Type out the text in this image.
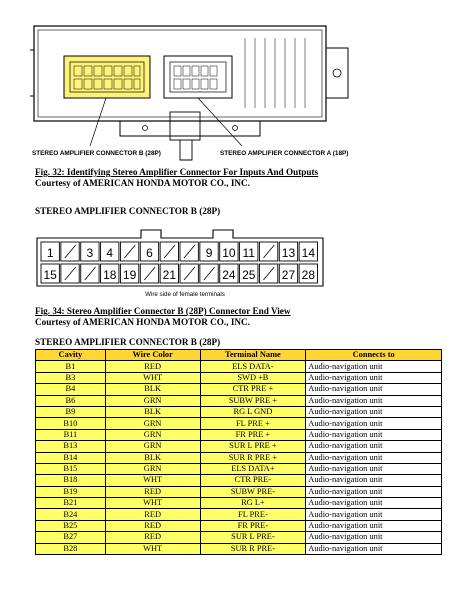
STEREO AMPLIFIER CONNECTOR B (28P)	STEREO AMPLIFIER CONNECTOR A (18P)
Fig. 32: Identifying Stereo Amplifier Connector For Inputs And Outputs
Courtesy of AMERICAN HONDA MOTOR CO., INC.
STEREO AMPLIFIER CONNECTOR B (28P)
1	3 4	6	9 10 11 13 14
15	18 19 21	24 25 27 28
Wire side of female terminals
Fig. 34: Stereo Amplifier Connector B (28P) Connector End View
Courtesy of AMERICAN HONDA MOTOR CO., INC.
STEREO AMPLIFIER CONNECTOR B (28P)
Cavity	Wire Color	Terminal Name	Connects to
B1	RED	ELS DATA-	Audio-navigation unit
B3	WHT	SWD +B	Audio-navigation unit
B4	BLK	CTR PRE +	Audio-navigation unit
B6	GRN	SUBW PRE +	Audio-navigation unit
B9	BLK	RG L GND	Audio-navigation unit
B10	GRN	FL PRE +	Audio-navigation unit
B11	GRN	FR PRE +	Audio-navigation unit
B13	GRN	SUR L PRE +	Audio-navigation unit
B14	BLK	SUR R PRE +	Audio-navigation unit
B15	GRN	ELS DATA+	Audio-navigation unit
B18	WHT	CTR PRE-	Audio-navigation unit
B19	RED	SUBW PRE-	Audio-navigation unit
B21	WHT	RG L+	Audio-navigation unit
B24	RED	FL PRE-	Audio-navigation unit
B25	RED	FR PRE-	Audio-navigation unit
B27	RED	SUR L PRE-	Audio-navigation unit
B28	WHT	SUR R PRE-	Audio-navigation unit
